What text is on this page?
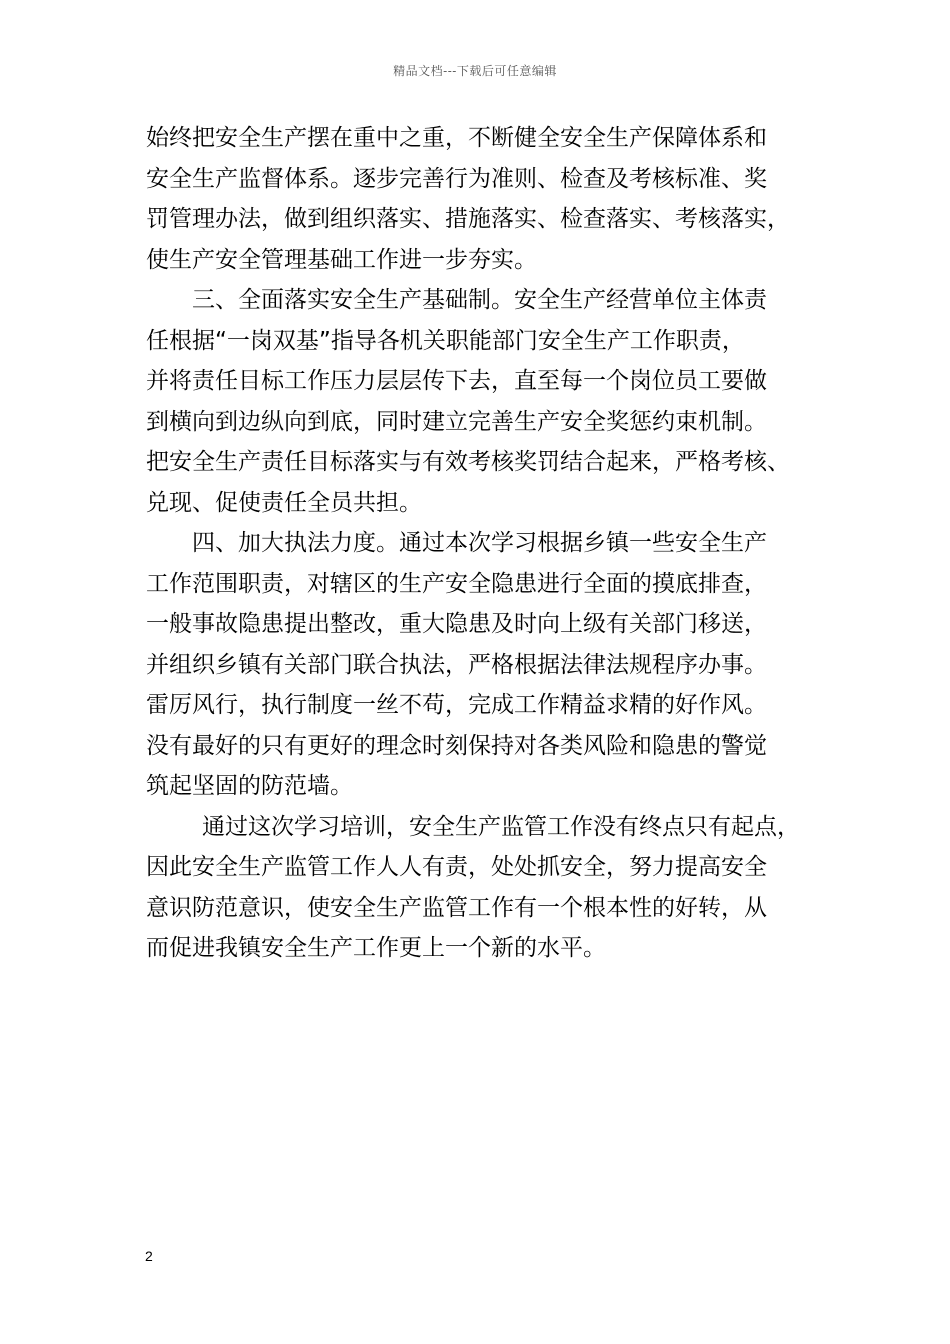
精品文档---下载后可任意编辑
始终把安全生产摆在重中之重，不断健全安全生产保障体系和
安全生产监督体系。逐步完善行为准则、检查及考核标准、奖
罚管理办法，做到组织落实、措施落实、检查落实、考核落实，
使生产安全管理基础工作进一步夯实。
三、全面落实安全生产基础制。安全生产经营单位主体责
任根据“一岗双基”指导各机关职能部门安全生产工作职责，
并将责任目标工作压力层层传下去，直至每一个岗位员工要做
到横向到边纵向到底，同时建立完善生产安全奖惩约束机制。
把安全生产责任目标落实与有效考核奖罚结合起来，严格考核、
兑现、促使责任全员共担。
四、加大执法力度。通过本次学习根据乡镇一些安全生产
工作范围职责，对辖区的生产安全隐患进行全面的摸底排查，
一般事故隐患提出整改，重大隐患及时向上级有关部门移送，
并组织乡镇有关部门联合执法，严格根据法律法规程序办事。
雷厉风行，执行制度一丝不苟，完成工作精益求精的好作风。
没有最好的只有更好的理念时刻保持对各类风险和隐患的警觉
筑起坚固的防范墙。
通过这次学习培训，安全生产监管工作没有终点只有起点，
因此安全生产监管工作人人有责，处处抓安全，努力提高安全
意识防范意识，使安全生产监管工作有一个根本性的好转，从
而促进我镇安全生产工作更上一个新的水平。
2
